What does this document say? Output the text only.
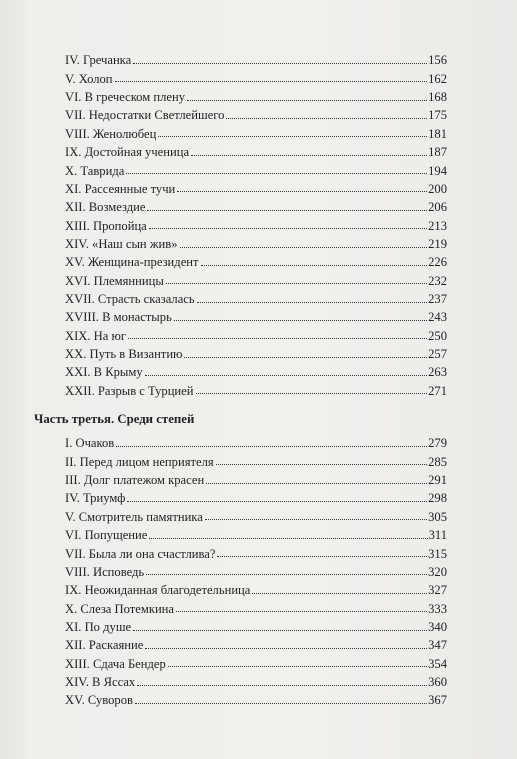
IV. Гречанка	156
V. Холоп	162
VI. В греческом плену	168
VII. Недостатки Светлейшего	175
VIII. Женолюбец	181
IX. Достойная ученица	187
X. Таврида	194
XI. Рассеянные тучи	200
XII. Возмездие	206
XIII. Пропойца	213
XIV. «Наш сын жив»	219
XV. Женщина-президент	226
XVI. Племянницы	232
XVII. Страсть сказалась	237
XVIII. В монастырь	243
XIX. На юг	250
XX. Путь в Византию	257
XXI. В Крыму	263
XXII. Разрыв с Турцией	271
Часть третья. Среди степей
I. Очаков	279
II. Перед лицом неприятеля	285
III. Долг платежом красен	291
IV. Триумф	298
V. Смотритель памятника	305
VI. Попущение	311
VII. Была ли она счастлива?	315
VIII. Исповедь	320
IX. Неожиданная благодетельница	327
X. Слеза Потемкина	333
XI. По душе	340
XII. Раскаяние	347
XIII. Сдача Бендер	354
XIV. В Яссах	360
XV. Суворов	367
